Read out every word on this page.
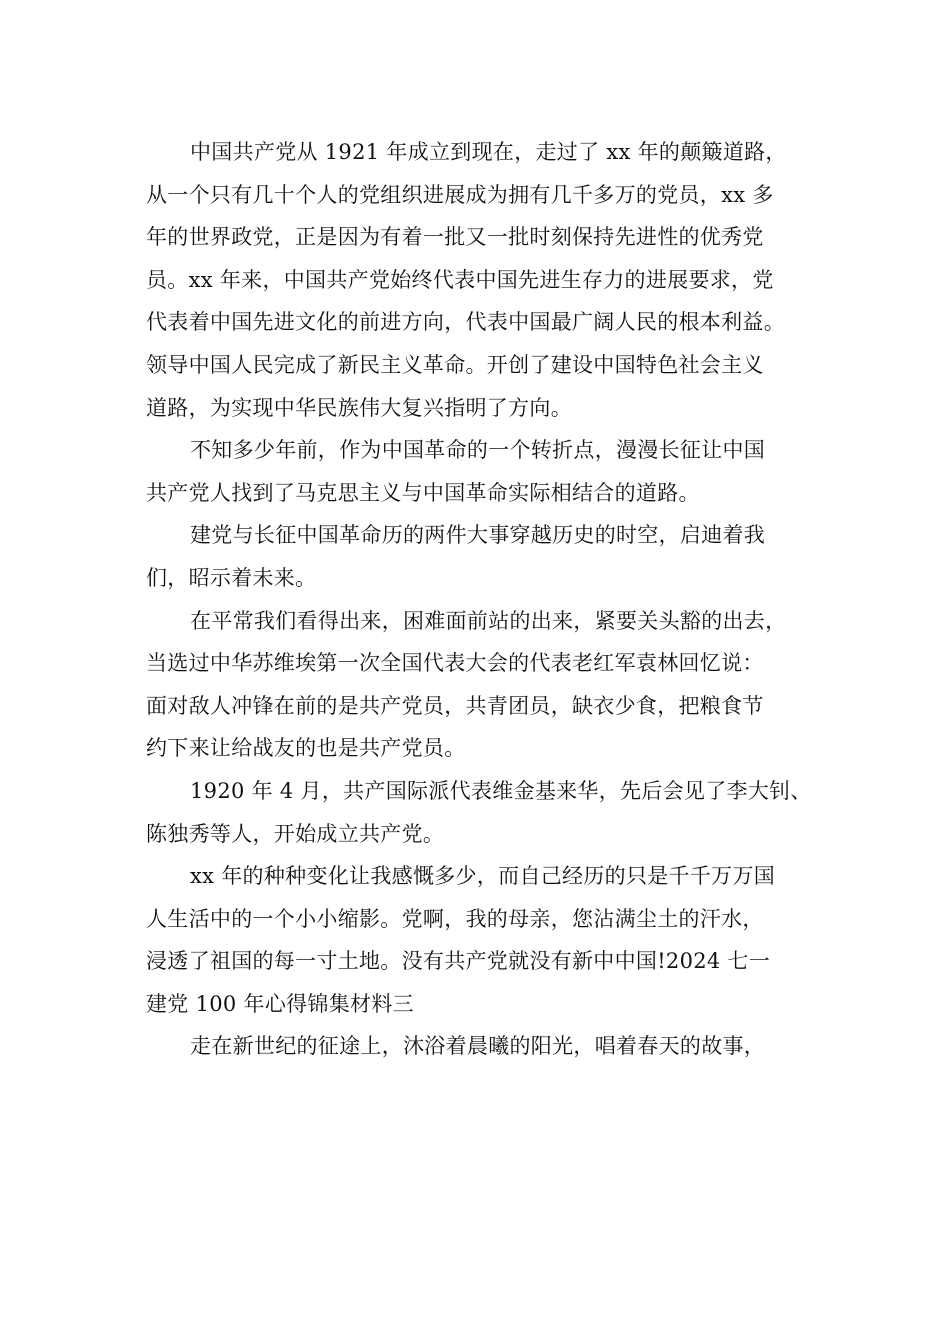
中国共产党从 1921 年成立到现在，走过了 xx 年的颠簸道路，
从一个只有几十个人的党组织进展成为拥有几千多万的党员，xx 多
年的世界政党，正是因为有着一批又一批时刻保持先进性的优秀党
员。xx 年来，中国共产党始终代表中国先进生存力的进展要求，党
代表着中国先进文化的前进方向，代表中国最广阔人民的根本利益。
领导中国人民完成了新民主义革命。开创了建设中国特色社会主义
道路，为实现中华民族伟大复兴指明了方向。
不知多少年前，作为中国革命的一个转折点，漫漫长征让中国
共产党人找到了马克思主义与中国革命实际相结合的道路。
建党与长征中国革命历的两件大事穿越历史的时空，启迪着我
们，昭示着未来。
在平常我们看得出来，困难面前站的出来，紧要关头豁的出去，
当选过中华苏维埃第一次全国代表大会的代表老红军袁林回忆说：
面对敌人冲锋在前的是共产党员，共青团员，缺衣少食，把粮食节
约下来让给战友的也是共产党员。
1920 年 4 月，共产国际派代表维金基来华，先后会见了李大钊、
陈独秀等人，开始成立共产党。
xx 年的种种变化让我感慨多少，而自己经历的只是千千万万国
人生活中的一个小小缩影。党啊，我的母亲，您沾满尘土的汗水，
浸透了祖国的每一寸土地。没有共产党就没有新中中国!2024 七一
建党 100 年心得锦集材料三
走在新世纪的征途上，沐浴着晨曦的阳光，唱着春天的故事，
